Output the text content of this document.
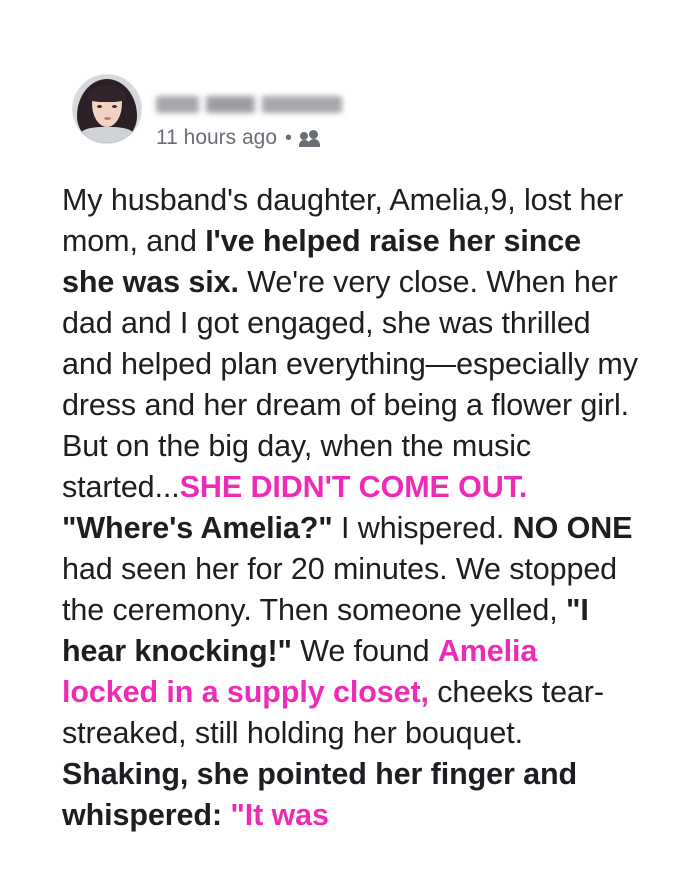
11 hours ago •
My husband's daughter, Amelia,9, lost her mom, and I've helped raise her since she was six. We're very close. When her dad and I got engaged, she was thrilled and helped plan everything—especially my dress and her dream of being a flower girl. But on the big day, when the music started...SHE DIDN'T COME OUT. "Where's Amelia?" I whispered. NO ONE had seen her for 20 minutes. We stopped the ceremony. Then someone yelled, "I hear knocking!" We found Amelia locked in a supply closet, cheeks tear-streaked, still holding her bouquet. Shaking, she pointed her finger and whispered: "It was
